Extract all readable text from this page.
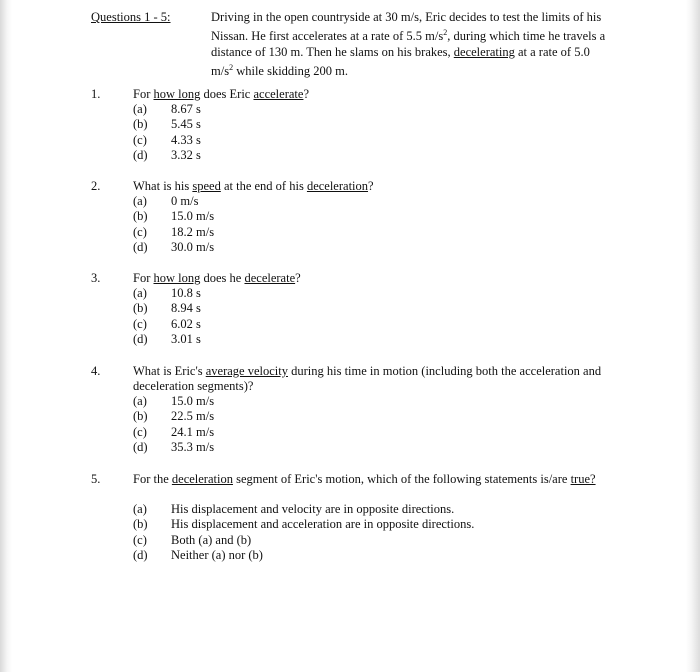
Questions 1 - 5:	Driving in the open countryside at 30 m/s, Eric decides to test the limits of his Nissan. He first accelerates at a rate of 5.5 $m/s^2$, during which time he travels a distance of 130 m. Then he slams on his brakes, decelerating at a rate of 5.0 $m/s^2$ while skidding 200 m.
1.	For how long does Eric accelerate?
(a) 8.67 s
(b) 5.45 s
(c) 4.33 s
(d) 3.32 s
2.	What is his speed at the end of his deceleration?
(a) 0 m/s
(b) 15.0 m/s
(c) 18.2 m/s
(d) 30.0 m/s
3.	For how long does he decelerate?
(a) 10.8 s
(b) 8.94 s
(c) 6.02 s
(d) 3.01 s
4.	What is Eric's average velocity during his time in motion (including both the acceleration and deceleration segments)?
(a) 15.0 m/s
(b) 22.5 m/s
(c) 24.1 m/s
(d) 35.3 m/s
5.	For the deceleration segment of Eric's motion, which of the following statements is/are true?
(a) His displacement and velocity are in opposite directions.
(b) His displacement and acceleration are in opposite directions.
(c) Both (a) and (b)
(d) Neither (a) nor (b)
